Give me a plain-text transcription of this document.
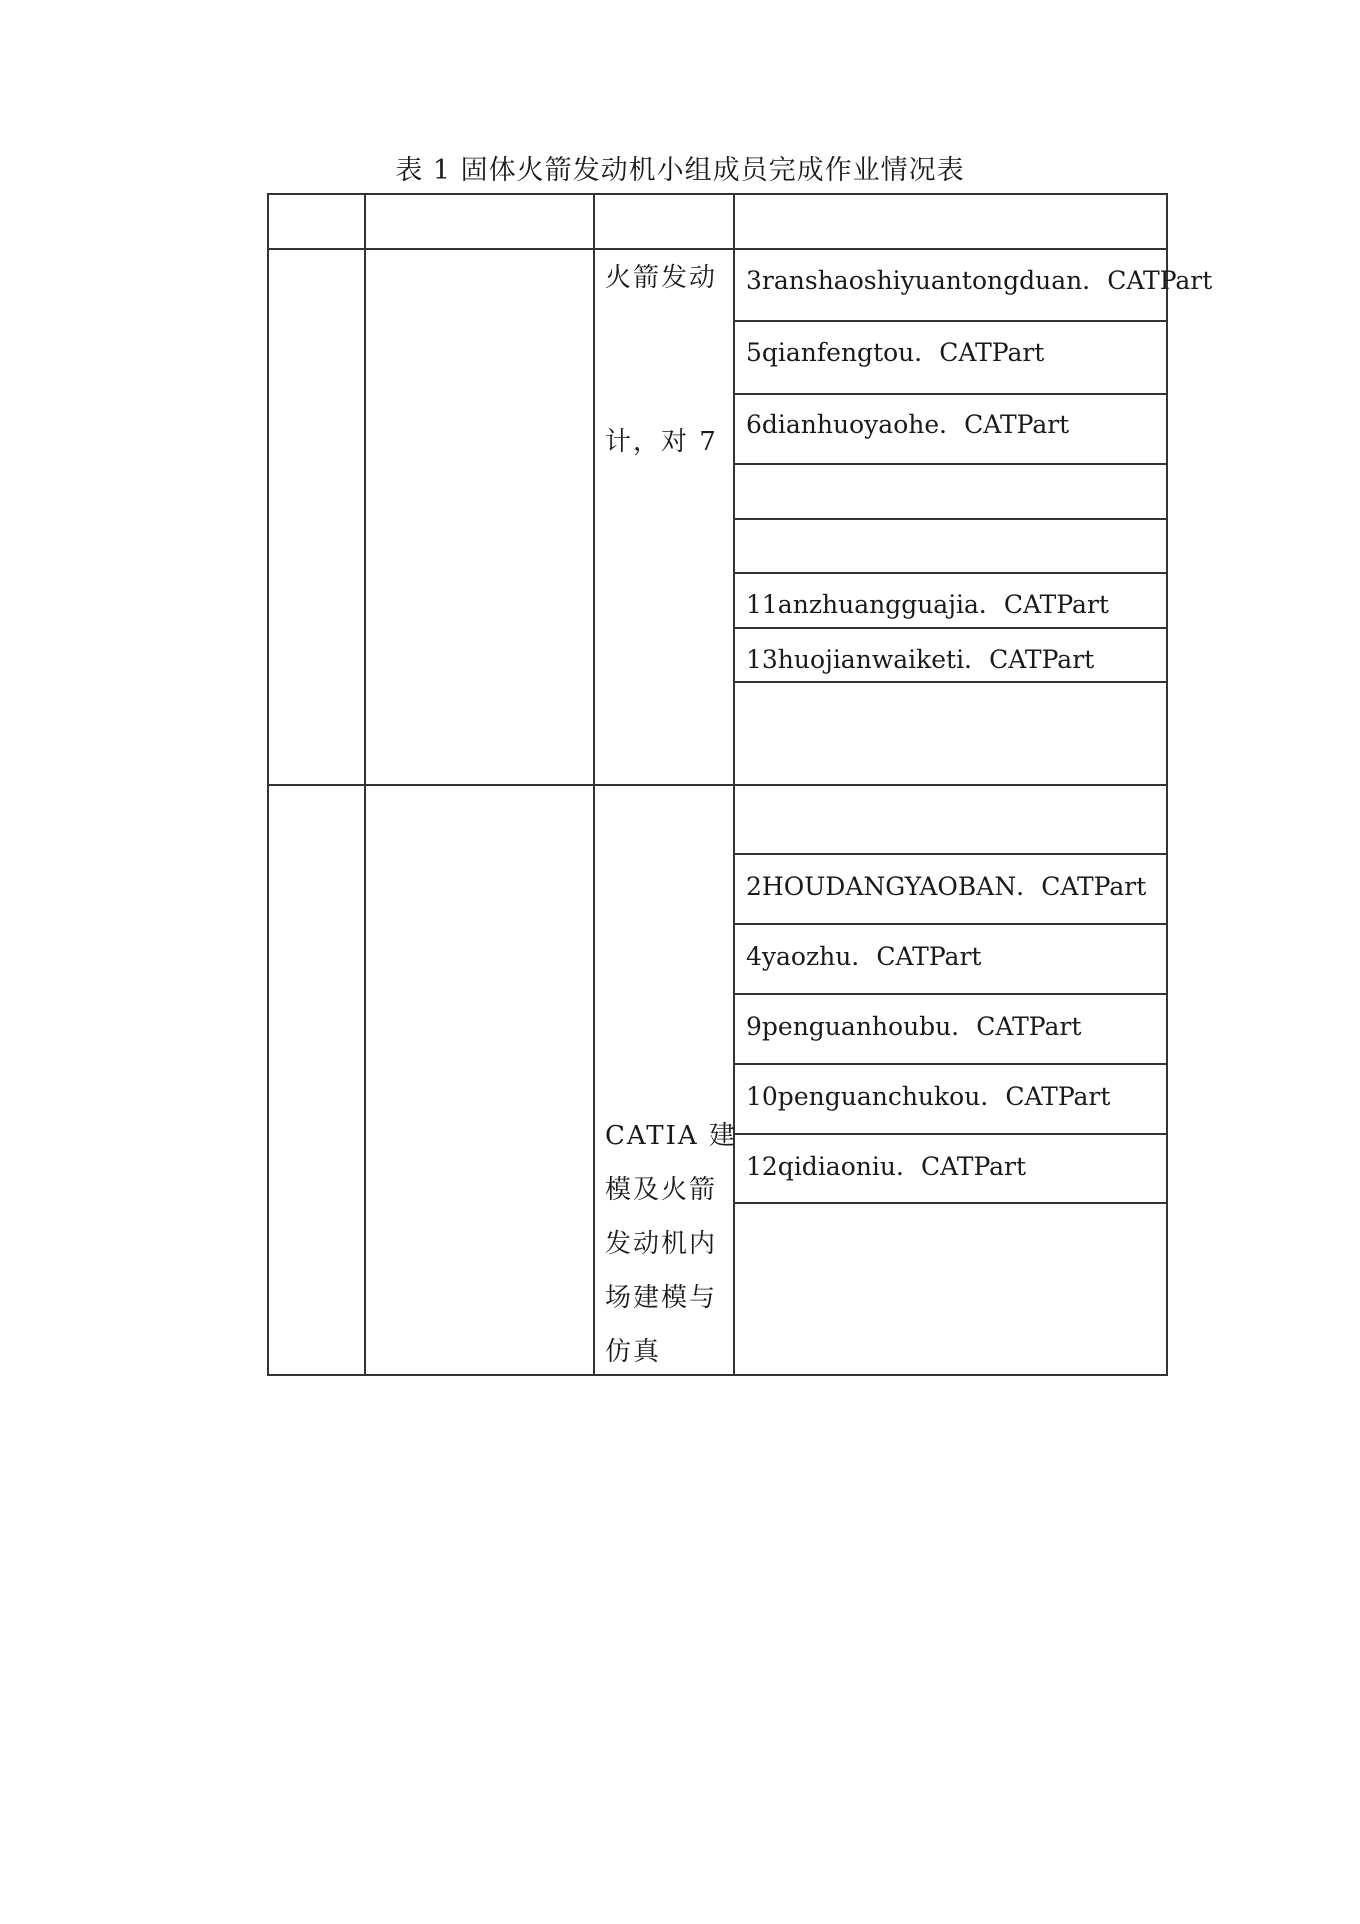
表 1 固体火箭发动机小组成员完成作业情况表
火箭发动
计，对 7
3ranshaoshiyuantongduan．CATPart
5qianfengtou．CATPart
6dianhuoyaohe．CATPart
11anzhuangguajia．CATPart
13huojianwaiketi．CATPart
CATIA 建
模及火箭
发动机内
场建模与
仿真
2HOUDANGYAOBAN．CATPart
4yaozhu．CATPart
9penguanhoubu．CATPart
10penguanchukou．CATPart
12qidiaoniu．CATPart
